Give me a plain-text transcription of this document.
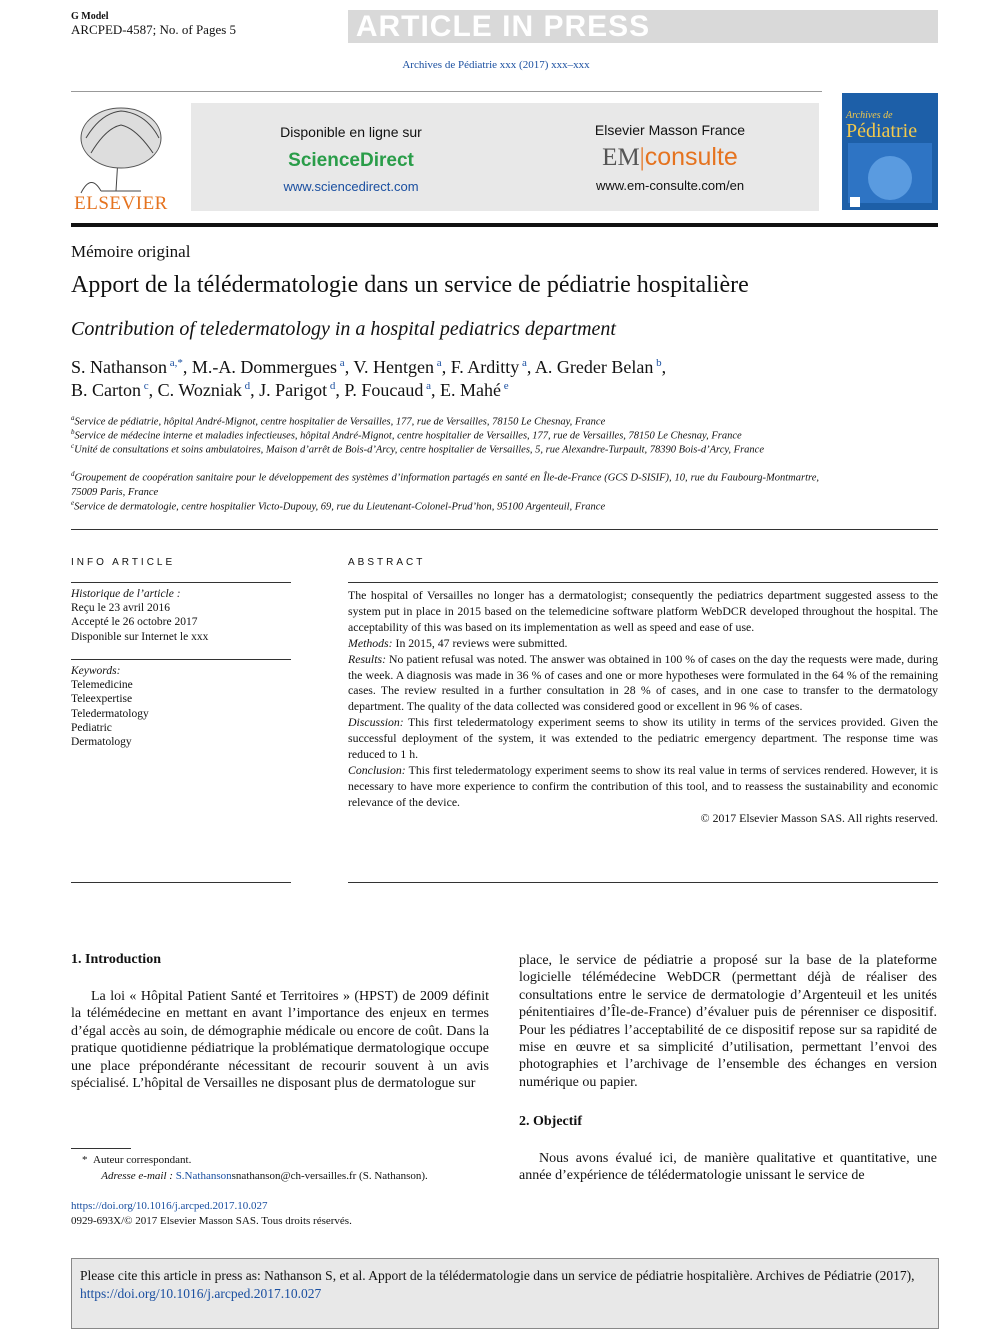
G Model
ARCPED-4587; No. of Pages 5	ARTICLE IN PRESS
Archives de Pédiatrie xxx (2017) xxx–xxx
ELSEVIER
Disponible en ligne sur
ScienceDirect
www.sciencedirect.com
Elsevier Masson France
EM|consulte
www.em-consulte.com/en
Archives de
Pédiatrie
Mémoire original
Apport de la télédermatologie dans un service de pédiatrie hospitalière
Contribution of teledermatology in a hospital pediatrics department
S. Nathanson $^{a,*}$, M.-A. Dommergues $^a$, V. Hentgen $^a$, F. Arditty $^a$, A. Greder Belan $^b$,
B. Carton $^c$, C. Wozniak $^d$, J. Parigot $^d$, P. Foucaud $^a$, E. Mahé $^e$
$^a$Service de pédiatrie, hôpital André-Mignot, centre hospitalier de Versailles, 177, rue de Versailles, 78150 Le Chesnay, France
$^b$Service de médecine interne et maladies infectieuses, hôpital André-Mignot, centre hospitalier de Versailles, 177, rue de Versailles, 78150 Le Chesnay, France
$^c$Unité de consultations et soins ambulatoires, Maison d’arrêt de Bois-d’Arcy, centre hospitalier de Versailles, 5, rue Alexandre-Turpault, 78390 Bois-d’Arcy, France
$^d$Groupement de coopération sanitaire pour le développement des systèmes d’information partagés en santé en Île-de-France (GCS D-SISIF), 10, rue du Faubourg-Montmartre, 75009 Paris, France
$^e$Service de dermatologie, centre hospitalier Victo-Dupouy, 69, rue du Lieutenant-Colonel-Prud’hon, 95100 Argenteuil, France
INFO ARTICLE
Historique de l’article :
Reçu le 23 avril 2016
Accepté le 26 octobre 2017
Disponible sur Internet le xxx
Keywords:
Telemedicine
Teleexpertise
Teledermatology
Pediatric
Dermatology
ABSTRACT

The hospital of Versailles no longer has a dermatologist; consequently the pediatrics department suggested assess to the system put in place in 2015 based on the telemedicine software platform WebDCR developed throughout the hospital. The acceptability of this was based on its implementation as well as speed and ease of use.

Methods: In 2015, 47 reviews were submitted.

Results: No patient refusal was noted. The answer was obtained in 100 % of cases on the day the requests were made, during the week. A diagnosis was made in 36 % of cases and one or more hypotheses were formulated in the 64 % of the remaining cases. The review resulted in a further consultation in 28 % of cases, and in one case to transfer to the dermatology department. The quality of the data collected was considered good or excellent in 96 % of cases.

Discussion: This first teledermatology experiment seems to show its utility in terms of the services provided. Given the successful deployment of the system, it was extended to the pediatric emergency department. The response time was reduced to 1 h.

Conclusion: This first teledermatology experiment seems to show its real value in terms of services rendered. However, it is necessary to have more experience to confirm the contribution of this tool, and to reassess the sustainability and economic relevance of the device.

© 2017 Elsevier Masson SAS. All rights reserved.

1. Introduction
La loi « Hôpital Patient Santé et Territoires » (HPST) de 2009 définit la télémédecine en mettant en avant l’importance des enjeux en termes d’égal accès au soin, de démographie médicale ou encore de coût. Dans la pratique quotidienne pédiatrique la problématique dermatologique occupe une place prépondérante nécessitant de recourir souvent à un avis spécialisé. L’hôpital de Versailles ne disposant plus de dermatologue sur
place, le service de pédiatrie a proposé sur la base de la plateforme logicielle télémédecine WebDCR (permettant déjà de réaliser des consultations entre le service de dermatologie d’Argenteuil et les unités pénitentiaires d’Île-de-France) d’évaluer puis de pérenniser ce dispositif. Pour les pédiatres l’acceptabilité de ce dispositif repose sur sa rapidité de mise en œuvre et sa simplicité d’utilisation, permettant l’envoi des photographies et l’archivage de l’ensemble des échanges en version numérique ou papier.
2. Objectif
Nous avons évalué ici, de manière qualitative et quantitative, une année d’expérience de télédermatologie unissant le service de
*  Auteur correspondant.
Adresse e-mail : S.Nathansonsnathanson@ch-versailles.fr (S. Nathanson).
https://doi.org/10.1016/j.arcped.2017.10.027
0929-693X/© 2017 Elsevier Masson SAS. Tous droits réservés.
Please cite this article in press as: Nathanson S, et al. Apport de la télédermatologie dans un service de pédiatrie hospitalière. Archives de Pédiatrie (2017), https://doi.org/10.1016/j.arcped.2017.10.027
